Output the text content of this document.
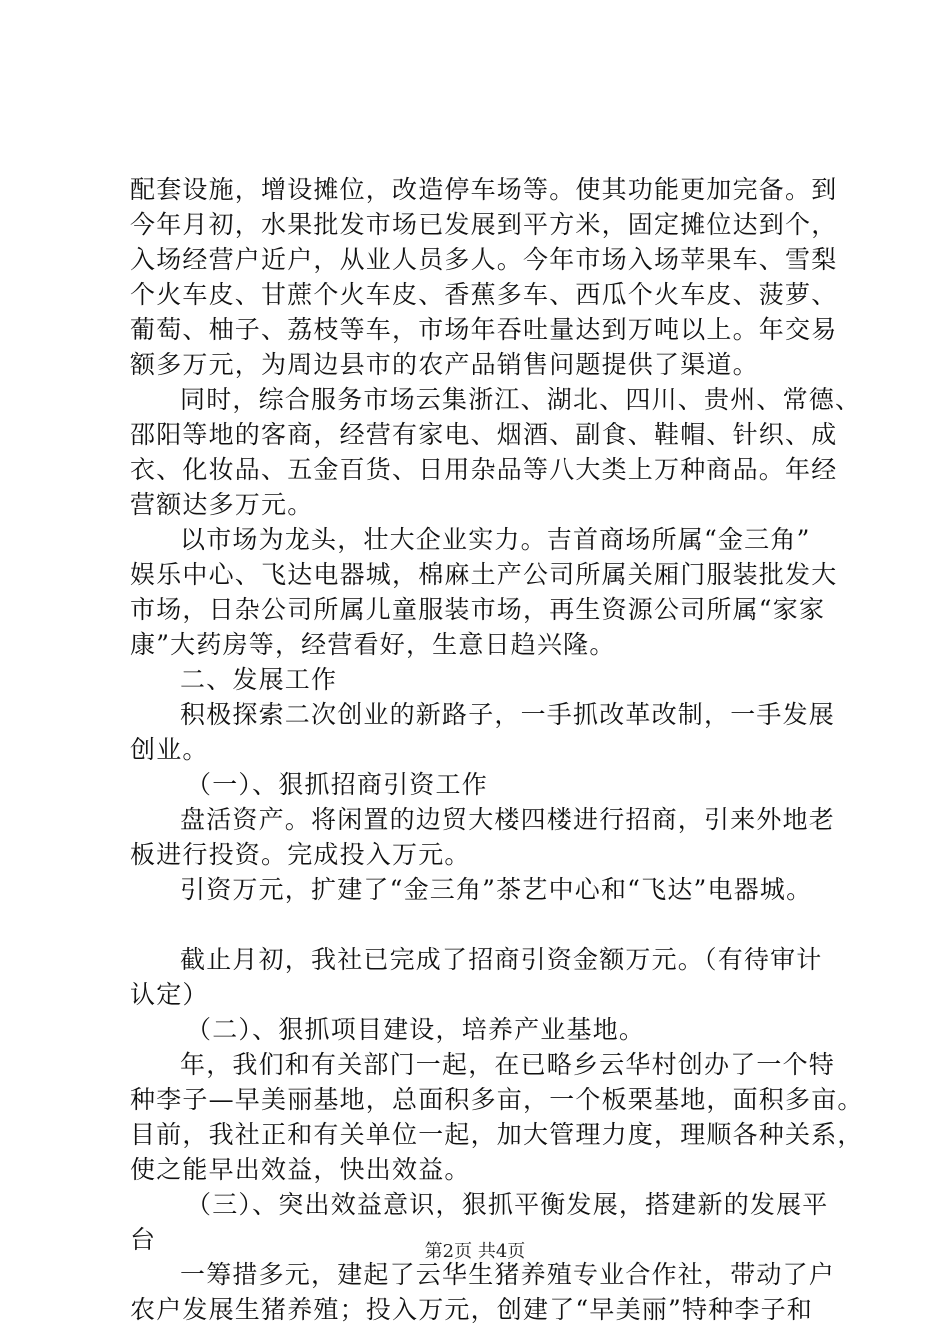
配套设施，增设摊位，改造停车场等。使其功能更加完备。到
今年月初，水果批发市场已发展到平方米，固定摊位达到个，
入场经营户近户，从业人员多人。今年市场入场苹果车、雪梨
个火车皮、甘蔗个火车皮、香蕉多车、西瓜个火车皮、菠萝、
葡萄、柚子、荔枝等车，市场年吞吐量达到万吨以上。年交易
额多万元，为周边县市的农产品销售问题提供了渠道。
同时，综合服务市场云集浙江、湖北、四川、贵州、常德、
邵阳等地的客商，经营有家电、烟酒、副食、鞋帽、针织、成
衣、化妆品、五金百货、日用杂品等八大类上万种商品。年经
营额达多万元。
以市场为龙头，壮大企业实力。吉首商场所属“金三角”
娱乐中心、飞达电器城，棉麻土产公司所属关厢门服装批发大
市场，日杂公司所属儿童服装市场，再生资源公司所属“家家
康”大药房等，经营看好，生意日趋兴隆。
二、发展工作
积极探索二次创业的新路子，一手抓改革改制，一手发展
创业。
（一）、狠抓招商引资工作
盘活资产。将闲置的边贸大楼四楼进行招商，引来外地老
板进行投资。完成投入万元。
引资万元，扩建了“金三角”茶艺中心和“飞达”电器城。
截止月初，我社已完成了招商引资金额万元。（有待审计
认定）
（二）、狠抓项目建设，培养产业基地。
年，我们和有关部门一起，在已略乡云华村创办了一个特
种李子—早美丽基地，总面积多亩，一个板栗基地，面积多亩。
目前，我社正和有关单位一起，加大管理力度，理顺各种关系，
使之能早出效益，快出效益。
（三）、突出效益意识，狠抓平衡发展，搭建新的发展平
台
一筹措多元，建起了云华生猪养殖专业合作社，带动了户
农户发展生猪养殖；投入万元，创建了“早美丽”特种李子和
第2页 共4页
